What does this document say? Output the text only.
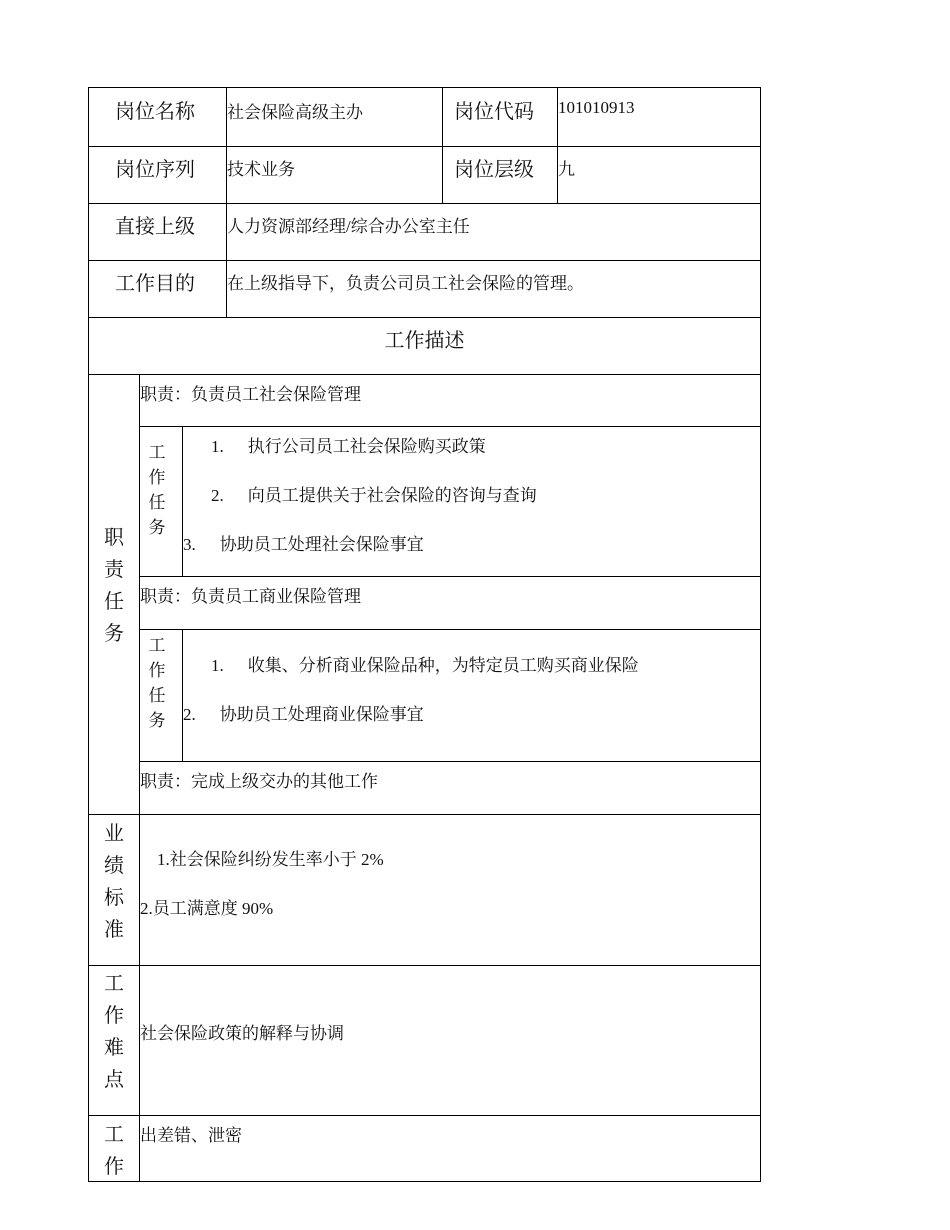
岗位名称 社会保险高级主办	岗位代码 101010913
岗位序列 技术业务	岗位层级 九
直接上级 人力资源部经理/综合办公室主任
工作目的 在上级指导下，负责公司员工社会保险的管理。
工作描述
职
责
任
务
职责：负责员工社会保险管理
工
作
任
务
1. 执行公司员工社会保险购买政策
2. 向员工提供关于社会保险的咨询与查询
3. 协助员工处理社会保险事宜
职责：负责员工商业保险管理
工
作
任
务
1. 收集、分析商业保险品种，为特定员工购买商业保险
2. 协助员工处理商业保险事宜
职责：完成上级交办的其他工作
业
绩
标
准
1.社会保险纠纷发生率小于 2%
2.员工满意度 90%
工
作
难
点
社会保险政策的解释与协调
工
作
出差错、泄密
